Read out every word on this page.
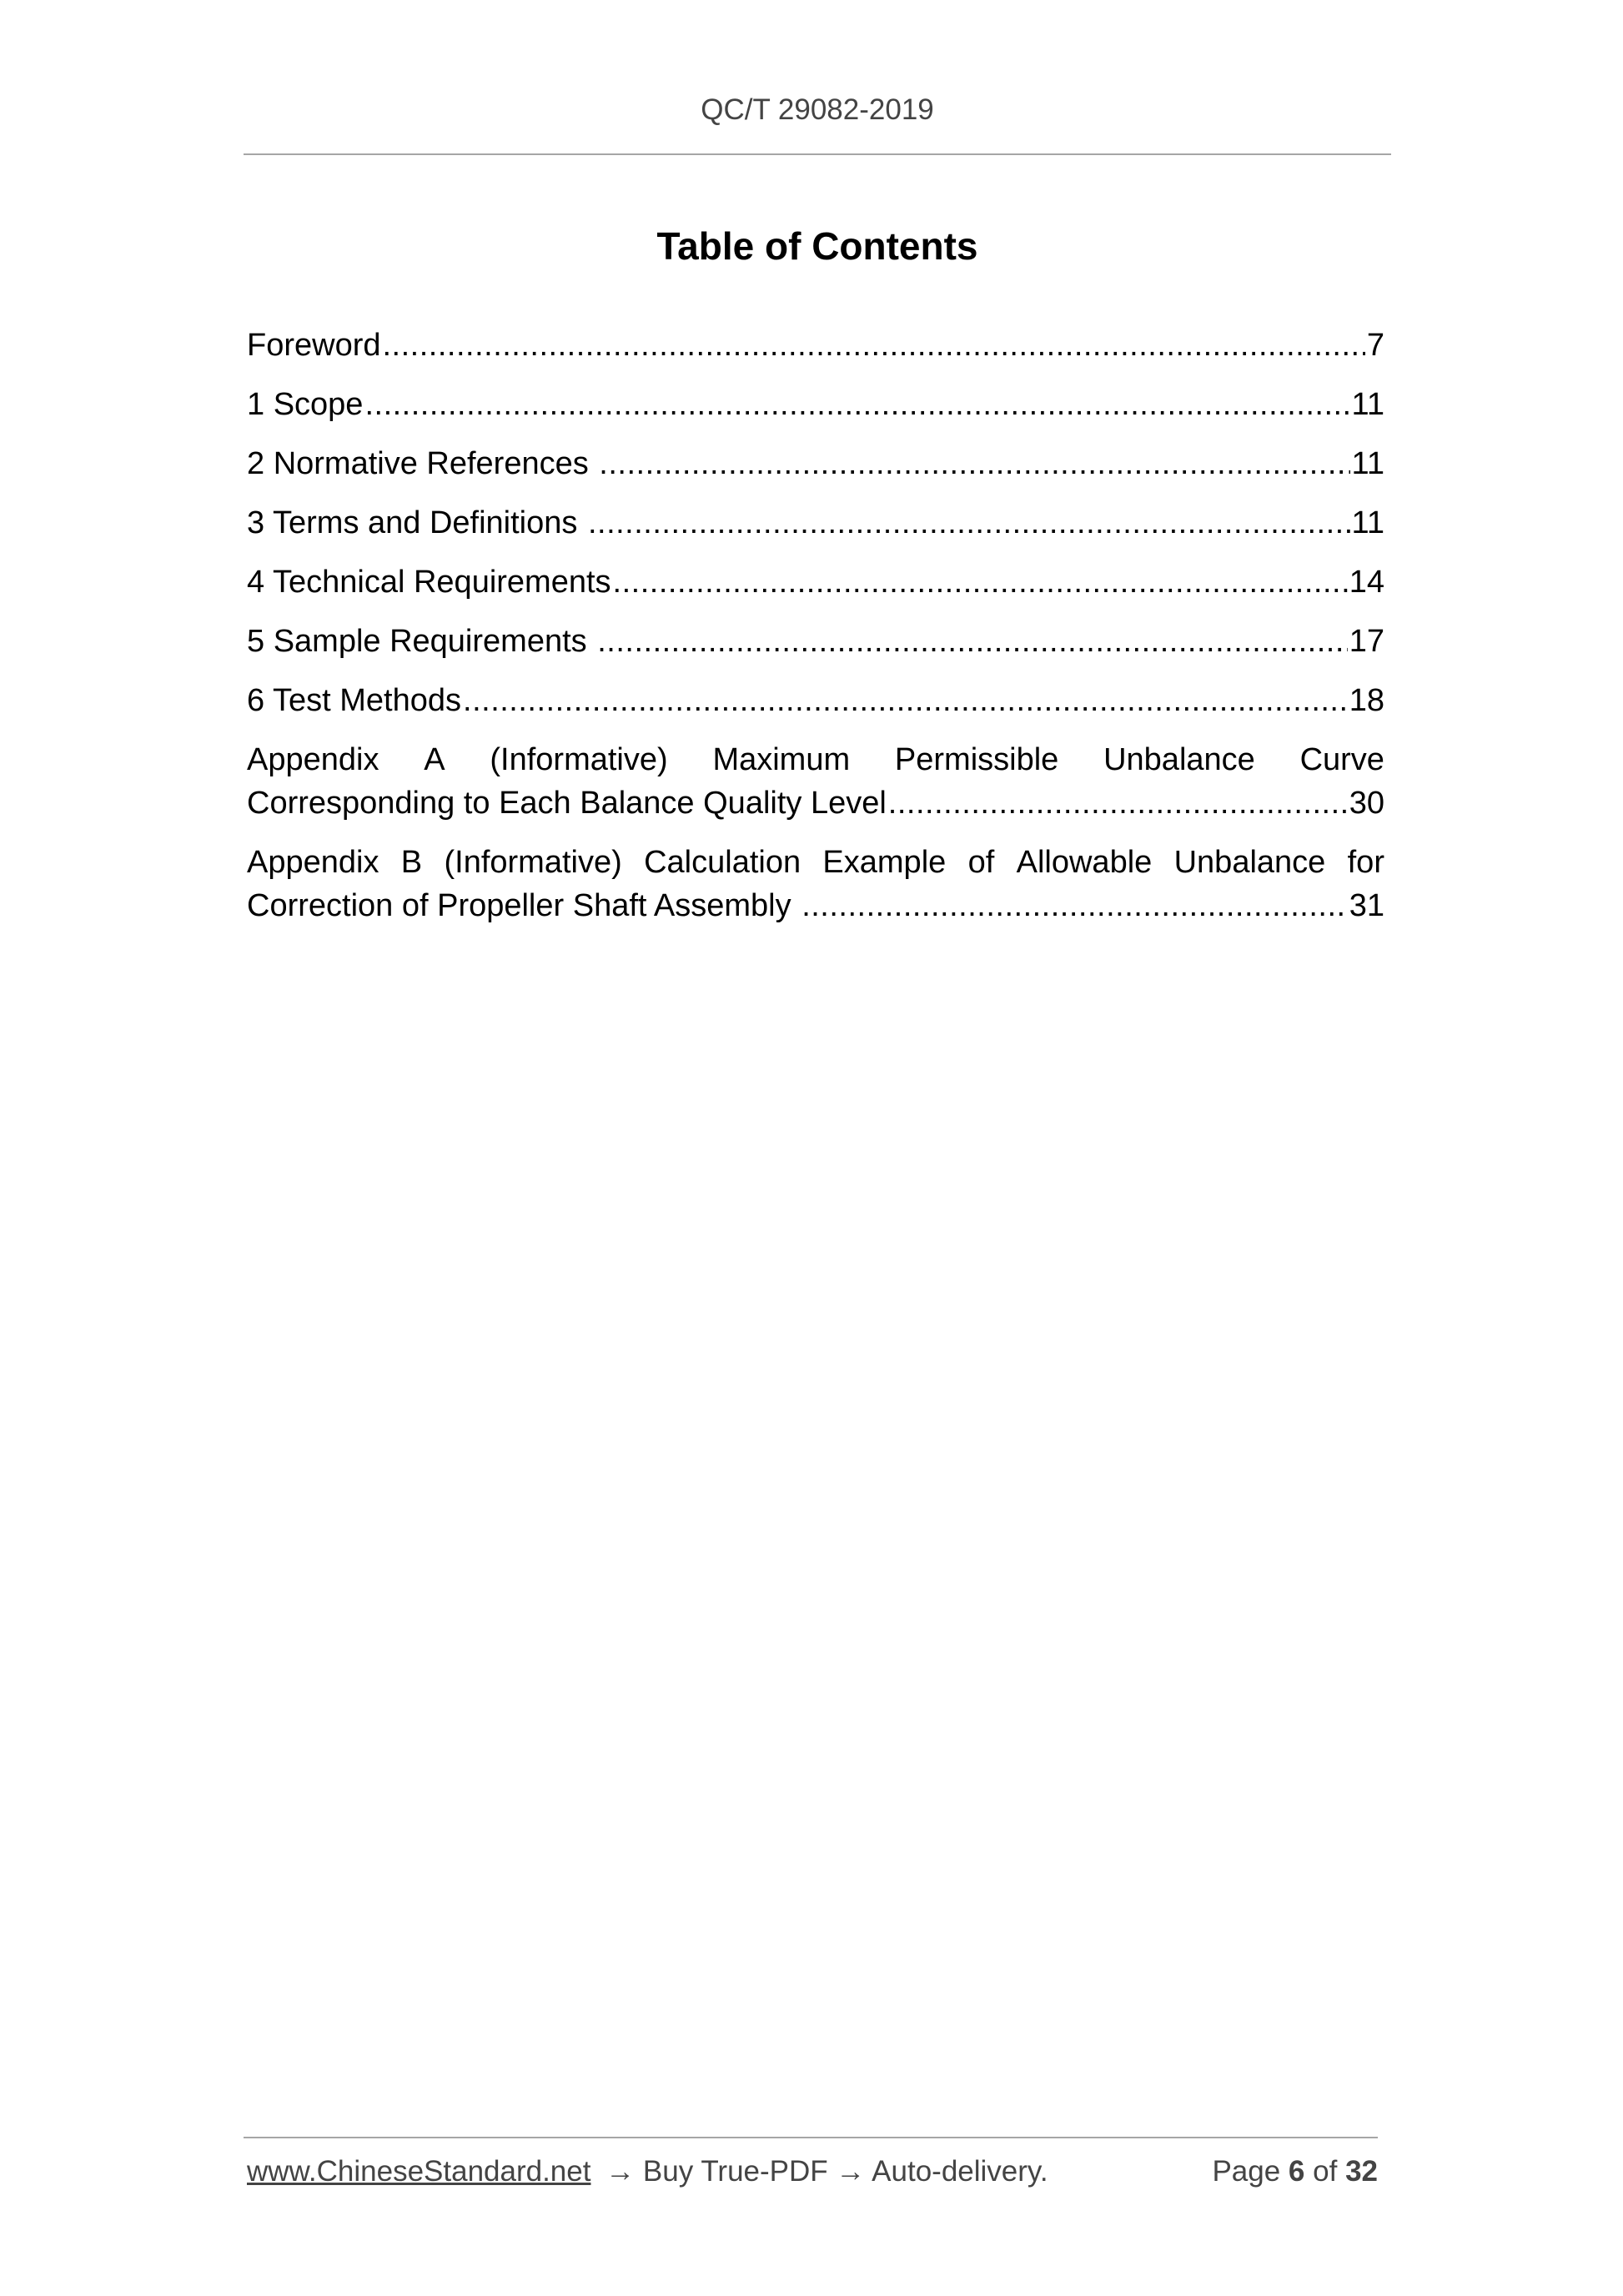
QC/T 29082-2019
Table of Contents
Foreword .....	7
1 Scope .....	11
2 Normative References .....	11
3 Terms and Definitions .....	11
4 Technical Requirements .....	14
5 Sample Requirements .....	17
6 Test Methods .....	18
Appendix A (Informative) Maximum Permissible Unbalance Curve
Corresponding to Each Balance Quality Level .....	30
Appendix B (Informative) Calculation Example of Allowable Unbalance for
Correction of Propeller Shaft Assembly .....	31
www.ChineseStandard.net → Buy True-PDF → Auto-delivery.	Page 6 of 32
